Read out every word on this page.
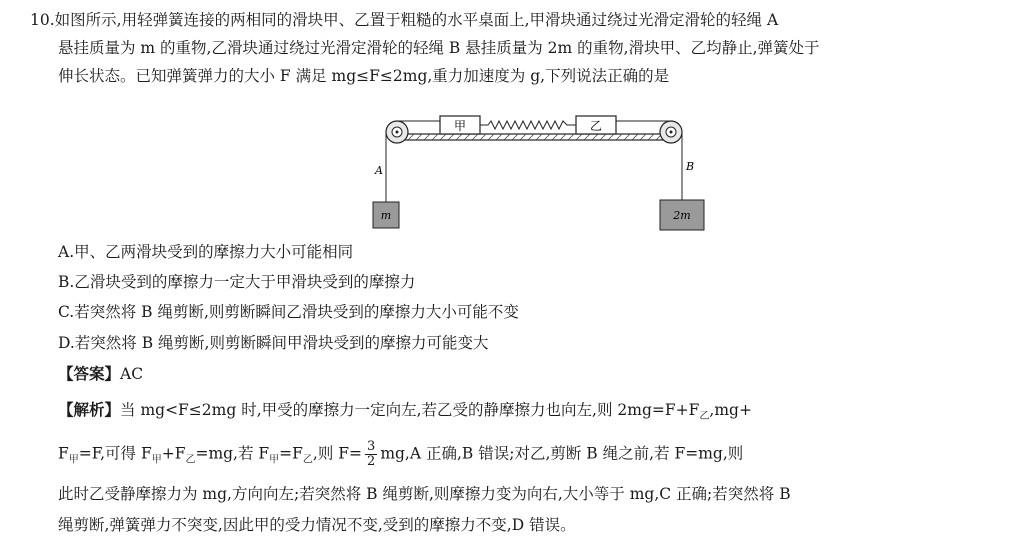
10.如图所示,用轻弹簧连接的两相同的滑块甲、乙置于粗糙的水平桌面上,甲滑块通过绕过光滑定滑轮的轻绳 A
悬挂质量为 m 的重物,乙滑块通过绕过光滑定滑轮的轻绳 B 悬挂质量为 2m 的重物,滑块甲、乙均静止,弹簧处于
伸长状态。已知弹簧弹力的大小 F 满足 mg≤F≤2mg,重力加速度为 g,下列说法正确的是
甲	乙
A	B
m	2m
A.甲、乙两滑块受到的摩擦力大小可能相同
B.乙滑块受到的摩擦力一定大于甲滑块受到的摩擦力
C.若突然将 B 绳剪断,则剪断瞬间乙滑块受到的摩擦力大小可能不变
D.若突然将 B 绳剪断,则剪断瞬间甲滑块受到的摩擦力可能变大
【答案】AC
【解析】当 mg<F≤2mg 时,甲受的摩擦力一定向左,若乙受的静摩擦力也向左,则 $2mg=F+F_乙,mg+$
$F_甲=F$,可得 $F_甲+F_乙=mg$,若 $F_甲=F_乙$,则 $F= \frac{3}{2} mg,A$ 正确,B 错误;对乙,剪断 B 绳之前,若 F=mg,则
此时乙受静摩擦力为 mg,方向向左;若突然将 B 绳剪断,则摩擦力变为向右,大小等于 mg,C 正确;若突然将 B
绳剪断,弹簧弹力不突变,因此甲的受力情况不变,受到的摩擦力不变,D 错误。
